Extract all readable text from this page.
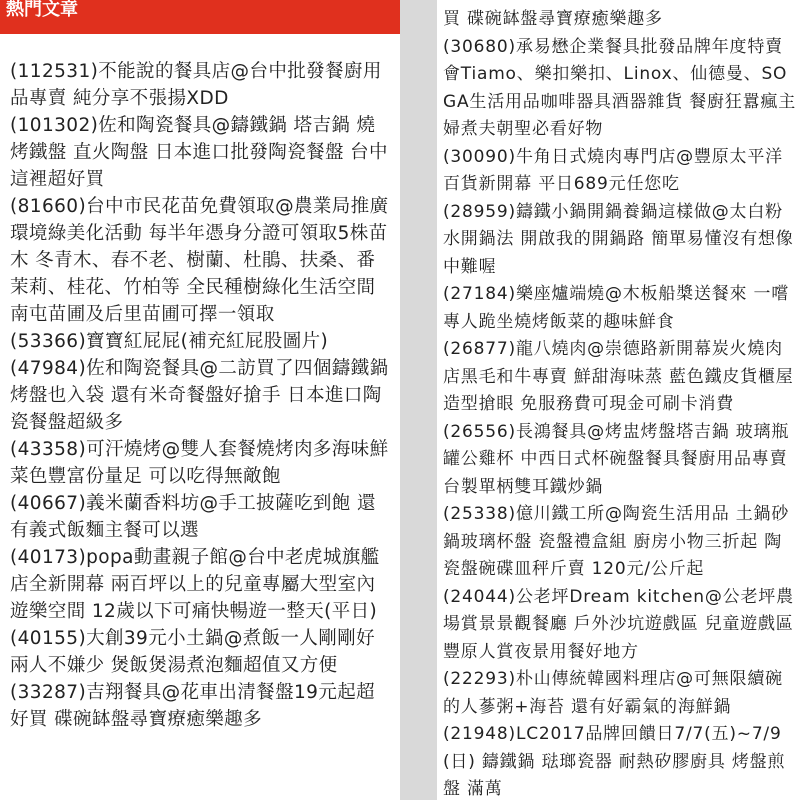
熱門文章
(112531)不能說的餐具店@台中批發餐廚用品專賣 純分享不張揚XDD
(101302)佐和陶瓷餐具@鑄鐵鍋 塔吉鍋 燒烤鐵盤 直火陶盤 日本進口批發陶瓷餐盤 台中這裡超好買
(81660)台中市民花苗免費領取@農業局推廣環境綠美化活動 每半年憑身分證可領取5株苗木 冬青木、春不老、樹蘭、杜鵑、扶桑、番茉莉、桂花、竹柏等 全民種樹綠化生活空間 南屯苗圃及后里苗圃可擇一領取
(53366)寶寶紅屁屁(補充紅屁股圖片)
(47984)佐和陶瓷餐具@二訪買了四個鑄鐵鍋烤盤也入袋 還有米奇餐盤好搶手 日本進口陶瓷餐盤超級多
(43358)可汗燒烤@雙人套餐燒烤肉多海味鮮菜色豐富份量足 可以吃得無敵飽
(40667)義米蘭香料坊@手工披薩吃到飽 還有義式飯麵主餐可以選
(40173)popa動畫親子館@台中老虎城旗艦店全新開幕 兩百坪以上的兒童專屬大型室內遊樂空間 12歲以下可痛快暢遊一整天(平日)
(40155)大創39元小土鍋@煮飯一人剛剛好 兩人不嫌少 煲飯煲湯煮泡麵超值又方便
(33287)吉翔餐具@花車出清餐盤19元起超好買 碟碗缽盤尋寶療癒樂趣多
買 碟碗缽盤尋寶療癒樂趣多
(30680)承易懋企業餐具批發品牌年度特賣會Tiamo、樂扣樂扣、Linox、仙德曼、SOGA生活用品咖啡器具酒器雜貨 餐廚狂囂瘋主婦煮夫朝聖必看好物
(30090)牛角日式燒肉專門店@豐原太平洋百貨新開幕 平日689元任您吃
(28959)鑄鐵小鍋開鍋養鍋這樣做@太白粉水開鍋法 開啟我的開鍋路 簡單易懂沒有想像中難喔
(27184)樂座爐端燒@木板船槳送餐來 一嚐專人跪坐燒烤飯菜的趣味鮮食
(26877)龍八燒肉@崇德路新開幕炭火燒肉店黑毛和牛專賣 鮮甜海味蒸 藍色鐵皮貨櫃屋造型搶眼 免服務費可現金可刷卡消費
(26556)長鴻餐具@烤盅烤盤塔吉鍋 玻璃瓶罐公雞杯 中西日式杯碗盤餐具餐廚用品專賣 台製單柄雙耳鐵炒鍋
(25338)億川鐵工所@陶瓷生活用品 土鍋砂鍋玻璃杯盤 瓷盤禮盒組 廚房小物三折起 陶瓷盤碗碟皿秤斤賣 120元/公斤起
(24044)公老坪Dream kitchen@公老坪農場賞景景觀餐廳 戶外沙坑遊戲區 兒童遊戲區 豐原人賞夜景用餐好地方
(22293)朴山傳統韓國料理店@可無限續碗的人蔘粥+海苔 還有好霸氣的海鮮鍋
(21948)LC2017品牌回饋日7/7(五)~7/9(日) 鑄鐵鍋 琺瑯瓷器 耐熱矽膠廚具 烤盤煎盤 滿萬
